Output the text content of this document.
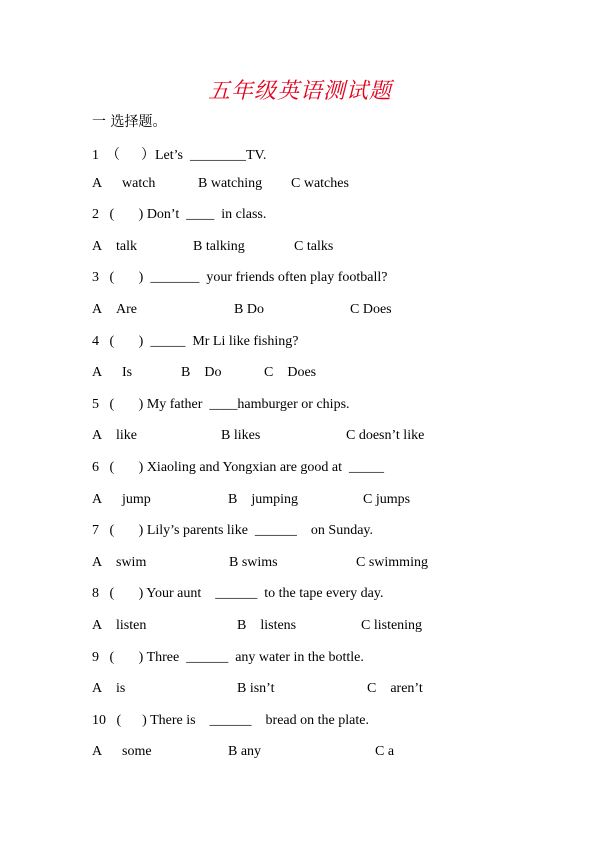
五年级英语测试题
一 选择题。
1  （      ）Let’s  ________TV.
A watch	B watching C watches
2   (       ) Don’t  ____  in class.
A talk	B talking	C talks
3   (       )  _______  your friends often play football?
A Are	B Do	C Does
4   (       )  _____  Mr Li like fishing?
A Is	B    Do	C    Does
5   (       ) My father  ____hamburger or chips.
A like	B likes	C doesn’t like
6   (       ) Xiaoling and Yongxian are good at  _____
A jump	B    jumping	C jumps
7   (       ) Lily’s parents like  ______    on Sunday.
A swim	B swims	C swimming
8   (       ) Your aunt    ______  to the tape every day.
A listen	B    listens	C listening
9   (       ) Three  ______  any water in the bottle.
A is	B isn’t	C    aren’t
10   (      ) There is    ______    bread on the plate.
A some	B any	C a
